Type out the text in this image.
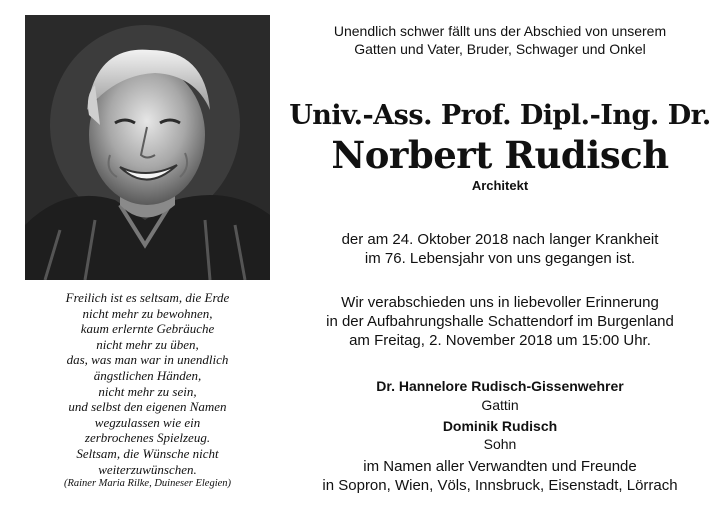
Freilich ist es seltsam, die Erde
nicht mehr zu bewohnen,
kaum erlernte Gebräuche
nicht mehr zu üben,
das, was man war in unendlich
ängstlichen Händen,
nicht mehr zu sein,
und selbst den eigenen Namen
wegzulassen wie ein
zerbrochenes Spielzeug.
Seltsam, die Wünsche nicht
weiterzuwünschen.

(Rainer Maria Rilke, Duineser Elegien)

Unendlich schwer fällt uns der Abschied von unserem
Gatten und Vater, Bruder, Schwager und Onkel

Univ.-Ass. Prof. Dipl.-Ing. Dr.
Norbert Rudisch

Architekt

der am 24. Oktober 2018 nach langer Krankheit
im 76. Lebensjahr von uns gegangen ist.

Wir verabschieden uns in liebevoller Erinnerung
in der Aufbahrungshalle Schattendorf im Burgenland
am Freitag, 2. November 2018 um 15:00 Uhr.

Dr. Hannelore Rudisch-Gissenwehrer

Gattin

Dominik Rudisch

Sohn

im Namen aller Verwandten und Freunde
in Sopron, Wien, Völs, Innsbruck, Eisenstadt, Lörrach
